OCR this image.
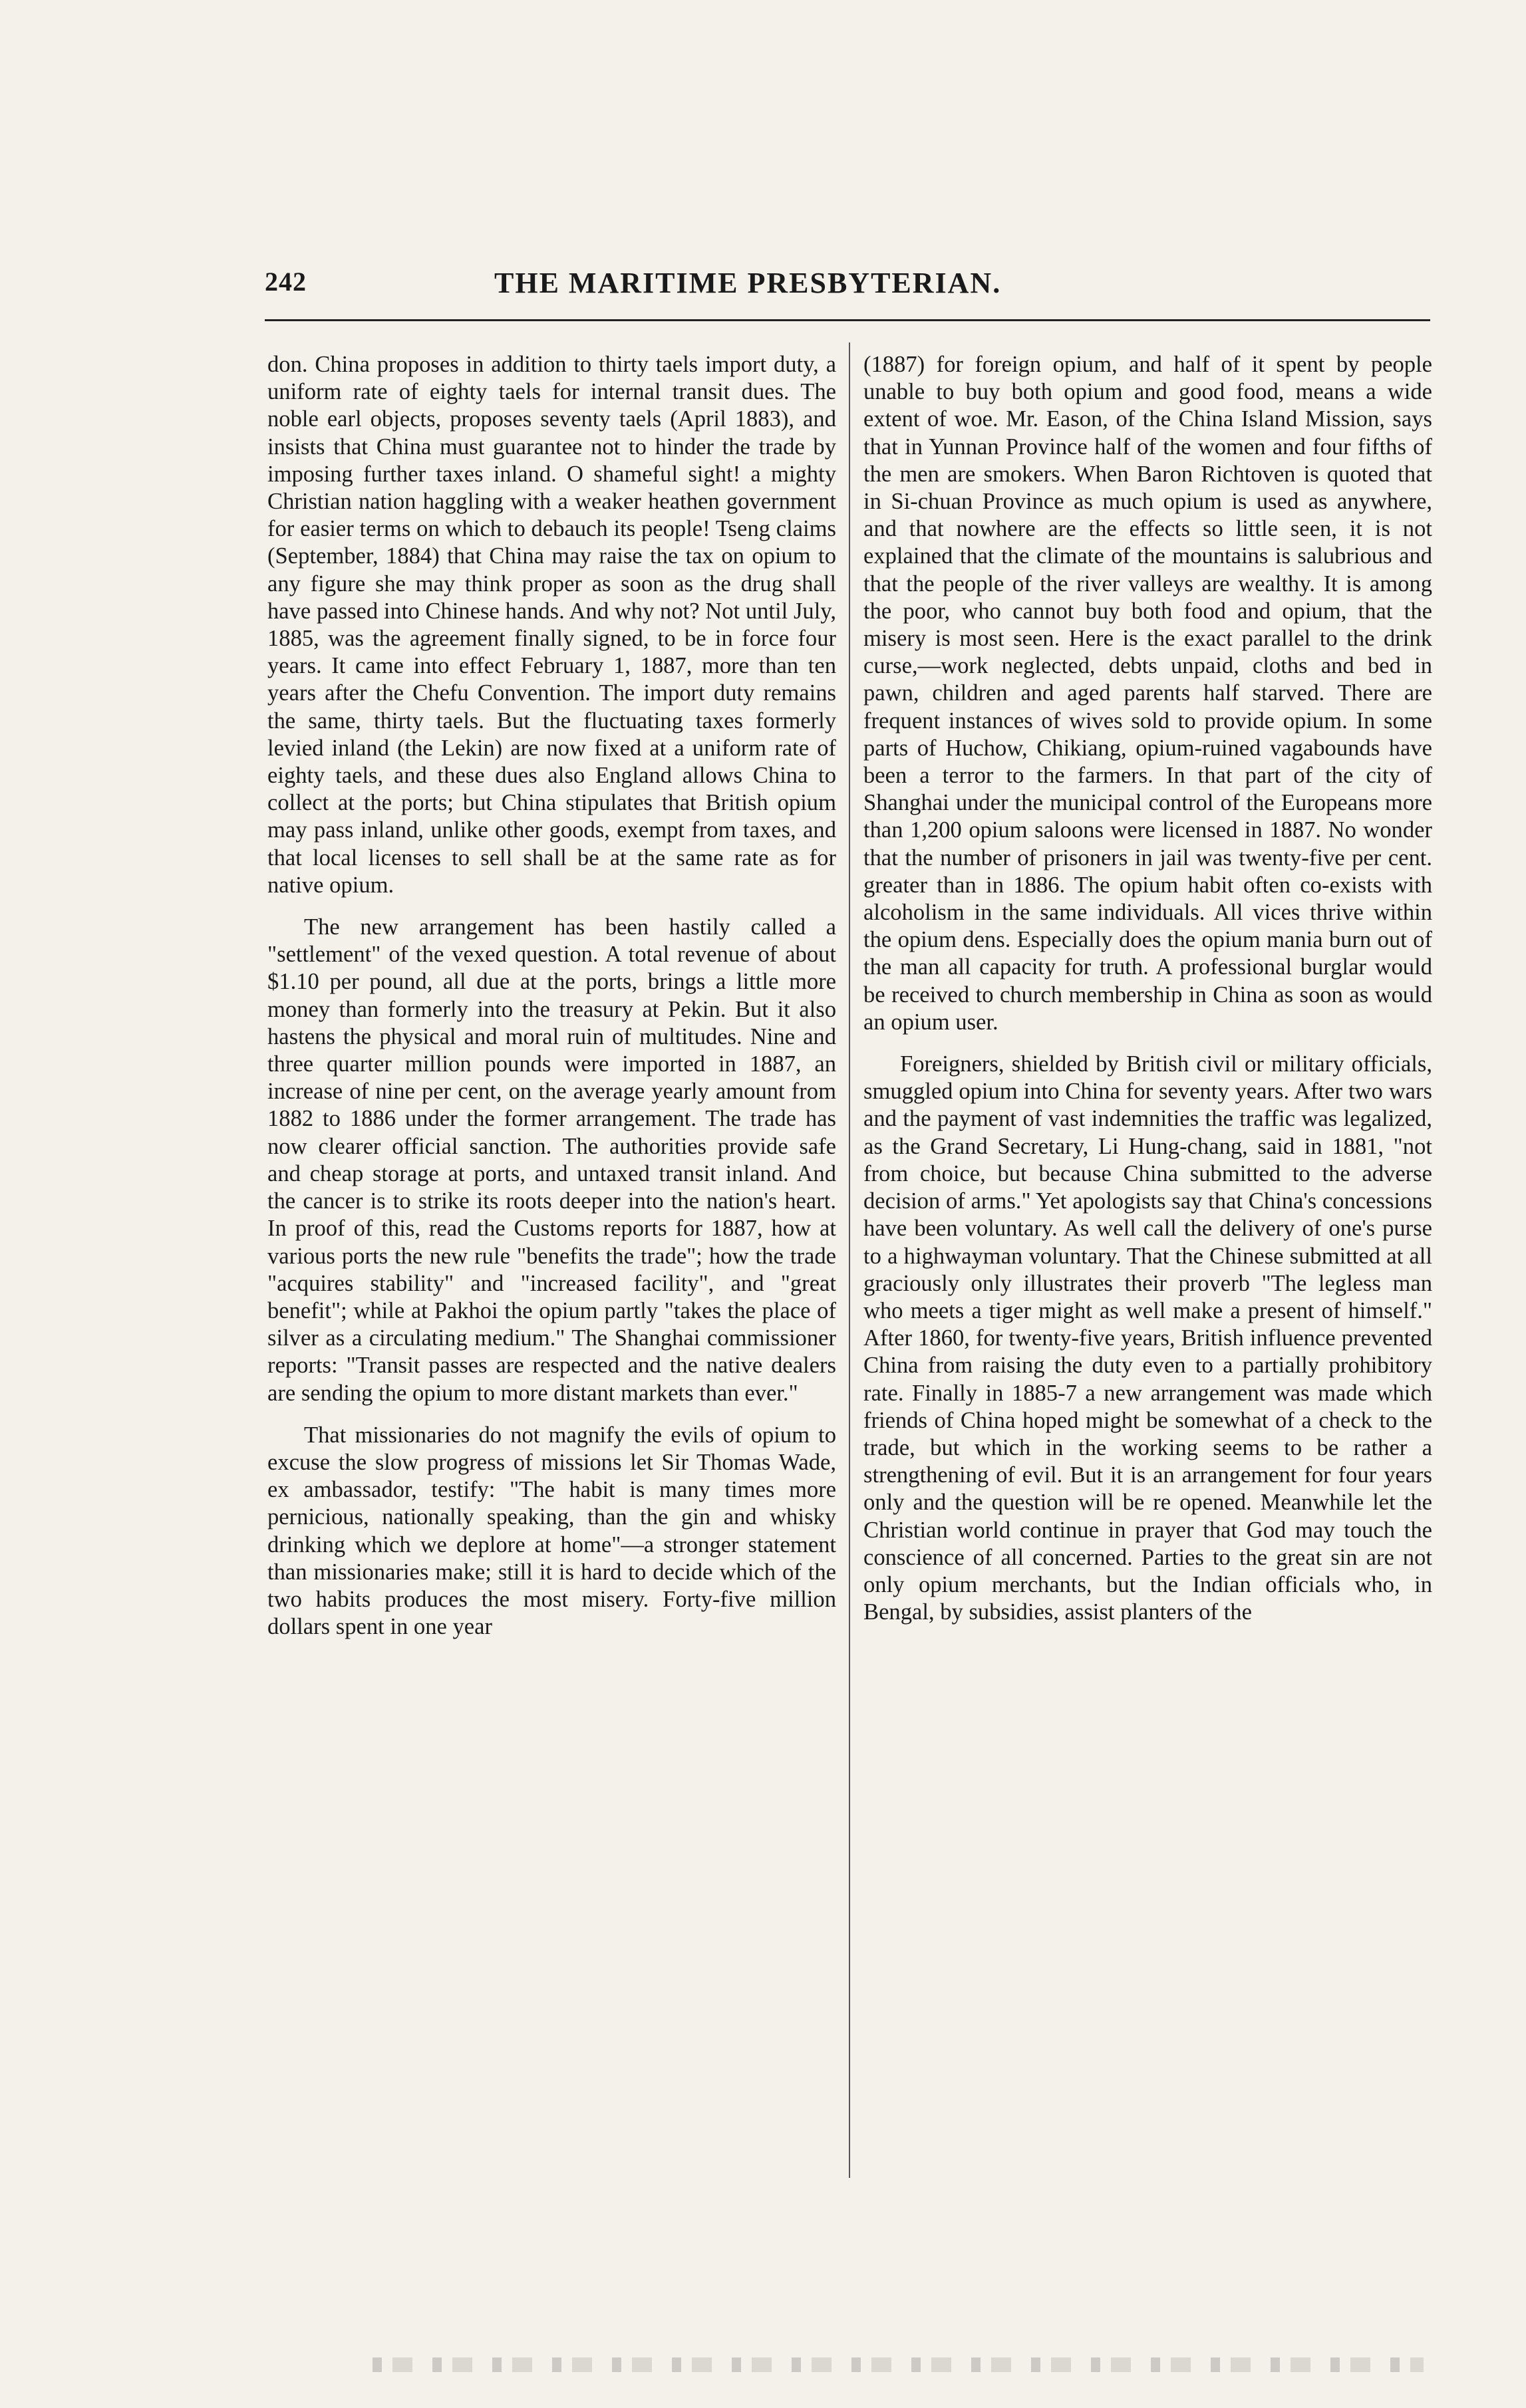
242	THE MARITIME PRESBYTERIAN.

don. China proposes in addition to thirty taels import duty, a uniform rate of eighty taels for internal transit dues. The noble earl objects, proposes seventy taels (April 1883), and insists that China must guarantee not to hinder the trade by imposing further taxes inland. O shameful sight! a mighty Christian nation haggling with a weaker heathen government for easier terms on which to debauch its people! Tseng claims (September, 1884) that China may raise the tax on opium to any figure she may think proper as soon as the drug shall have passed into Chinese hands. And why not? Not until July, 1885, was the agreement finally signed, to be in force four years. It came into effect February 1, 1887, more than ten years after the Chefu Convention. The import duty remains the same, thirty taels. But the fluctuating taxes formerly levied inland (the Lekin) are now fixed at a uniform rate of eighty taels, and these dues also England allows China to collect at the ports; but China stipulates that British opium may pass inland, unlike other goods, exempt from taxes, and that local licenses to sell shall be at the same rate as for native opium.

The new arrangement has been hastily called a "settlement" of the vexed question. A total revenue of about $1.10 per pound, all due at the ports, brings a little more money than formerly into the treasury at Pekin. But it also hastens the physical and moral ruin of multitudes. Nine and three quarter million pounds were imported in 1887, an increase of nine per cent, on the average yearly amount from 1882 to 1886 under the former arrangement. The trade has now clearer official sanction. The authorities provide safe and cheap storage at ports, and untaxed transit inland. And the cancer is to strike its roots deeper into the nation's heart. In proof of this, read the Customs reports for 1887, how at various ports the new rule "benefits the trade"; how the trade "acquires stability" and "increased facility", and "great benefit"; while at Pakhoi the opium partly "takes the place of silver as a circulating medium." The Shanghai commissioner reports: "Transit passes are respected and the native dealers are sending the opium to more distant markets than ever."

That missionaries do not magnify the evils of opium to excuse the slow progress of missions let Sir Thomas Wade, ex ambassador, testify: "The habit is many times more pernicious, nationally speaking, than the gin and whisky drinking which we deplore at home"—a stronger statement than missionaries make; still it is hard to decide which of the two habits produces the most misery. Forty-five million dollars spent in one year

(1887) for foreign opium, and half of it spent by people unable to buy both opium and good food, means a wide extent of woe. Mr. Eason, of the China Island Mission, says that in Yunnan Province half of the women and four fifths of the men are smokers. When Baron Richtoven is quoted that in Si-chuan Province as much opium is used as anywhere, and that nowhere are the effects so little seen, it is not explained that the climate of the mountains is salubrious and that the people of the river valleys are wealthy. It is among the poor, who cannot buy both food and opium, that the misery is most seen. Here is the exact parallel to the drink curse,—work neglected, debts unpaid, cloths and bed in pawn, children and aged parents half starved. There are frequent instances of wives sold to provide opium. In some parts of Huchow, Chikiang, opium-ruined vagabounds have been a terror to the farmers. In that part of the city of Shanghai under the municipal control of the Europeans more than 1,200 opium saloons were licensed in 1887. No wonder that the number of prisoners in jail was twenty-five per cent. greater than in 1886. The opium habit often co-exists with alcoholism in the same individuals. All vices thrive within the opium dens. Especially does the opium mania burn out of the man all capacity for truth. A professional burglar would be received to church membership in China as soon as would an opium user.

Foreigners, shielded by British civil or military officials, smuggled opium into China for seventy years. After two wars and the payment of vast indemnities the traffic was legalized, as the Grand Secretary, Li Hung-chang, said in 1881, "not from choice, but because China submitted to the adverse decision of arms." Yet apologists say that China's concessions have been voluntary. As well call the delivery of one's purse to a highwayman voluntary. That the Chinese submitted at all graciously only illustrates their proverb "The legless man who meets a tiger might as well make a present of himself." After 1860, for twenty-five years, British influence prevented China from raising the duty even to a partially prohibitory rate. Finally in 1885-7 a new arrangement was made which friends of China hoped might be somewhat of a check to the trade, but which in the working seems to be rather a strengthening of evil. But it is an arrangement for four years only and the question will be re opened. Meanwhile let the Christian world continue in prayer that God may touch the conscience of all concerned. Parties to the great sin are not only opium merchants, but the Indian officials who, in Bengal, by subsidies, assist planters of the
